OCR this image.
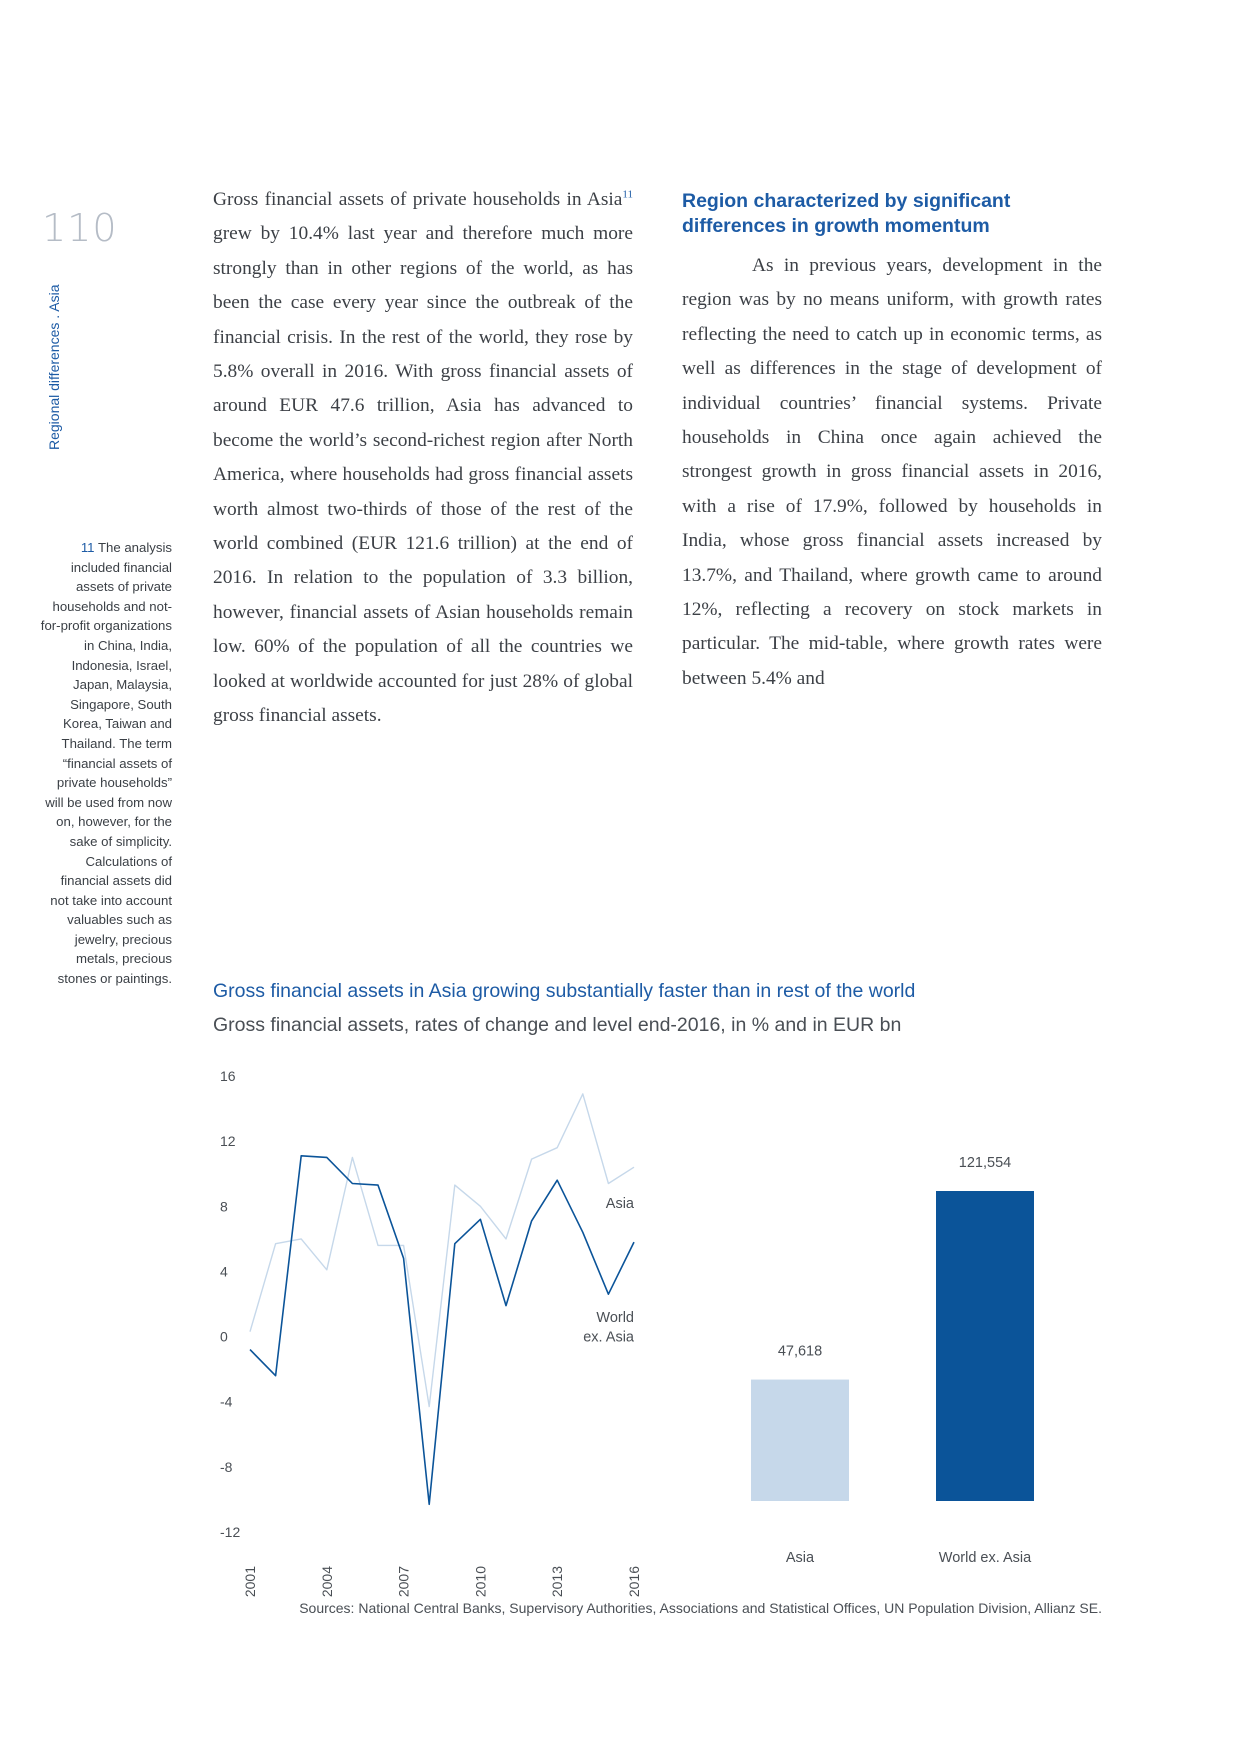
110
Regional differences . Asia
11 The analysis included financial assets of private households and not-for-profit organizations in China, India, Indonesia, Israel, Japan, Malaysia, Singapore, South Korea, Taiwan and Thailand. The term “financial assets of private households” will be used from now on, however, for the sake of simplicity. Calculations of financial assets did not take into account valuables such as jewelry, precious metals, precious stones or paintings.

Gross financial assets of private households in Asia$^{11}$ grew by 10.4% last year and therefore much more strongly than in other regions of the world, as has been the case every year since the outbreak of the financial crisis. In the rest of the world, they rose by 5.8% overall in 2016. With gross financial assets of around EUR 47.6 trillion, Asia has advanced to become the world’s second-richest region after North America, where households had gross financial assets worth almost two-thirds of those of the rest of the world combined (EUR 121.6 trillion) at the end of 2016. In relation to the population of 3.3 billion, however, financial assets of Asian households remain low. 60% of the population of all the countries we looked at worldwide accounted for just 28% of global gross financial assets.

Region characterized by significant differences in growth momentum

As in previous years, development in the region was by no means uniform, with growth rates reflecting the need to catch up in economic terms, as well as differences in the stage of development of individual countries’ financial systems. Private households in China once again achieved the strongest growth in gross financial assets in 2016, with a rise of 17.9%, followed by households in India, whose gross financial assets increased by 13.7%, and Thailand, where growth came to around 12%, reflecting a recovery on stock markets in particular. The mid-table, where growth rates were between 5.4% and

Gross financial assets in Asia growing substantially faster than in rest of the world
Gross financial assets, rates of change and level end-2016, in % and in EUR bn
16
12
8
4
0
-4
-8
-12
2001	2004	2007	2010	2013	2016
Asia
World
ex. Asia
47,618
Asia
121,554
World ex. Asia
Sources: National Central Banks, Supervisory Authorities, Associations and Statistical Offices, UN Population Division, Allianz SE.
